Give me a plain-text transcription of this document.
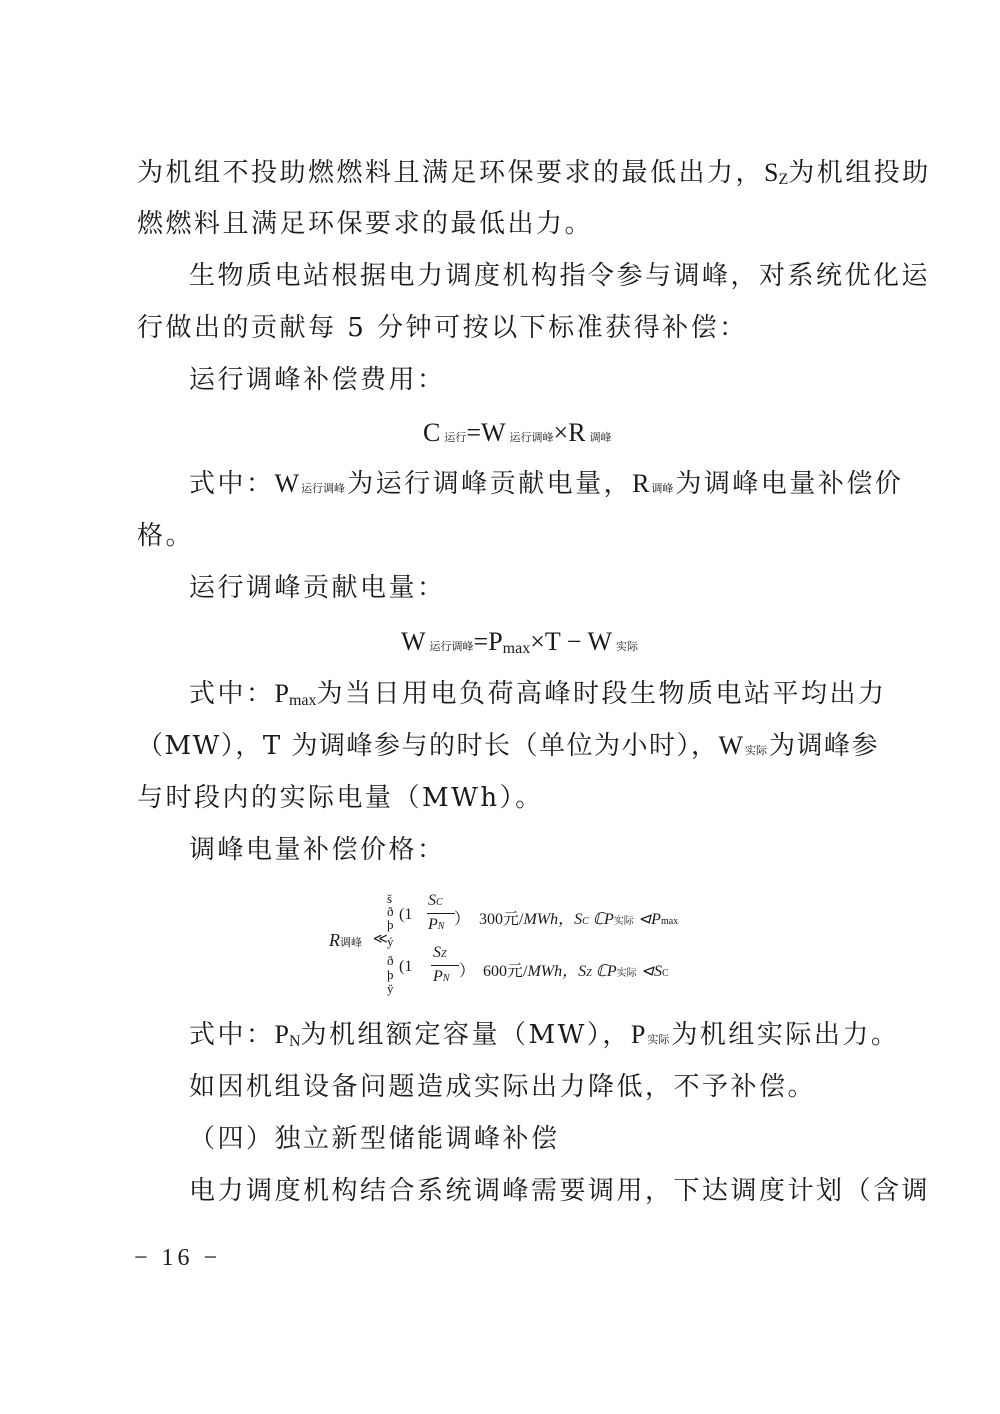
为机组不投助燃燃料且满足环保要求的最低出力，SZ为机组投助
燃燃料且满足环保要求的最低出力。
生物质电站根据电力调度机构指令参与调峰，对系统优化运
行做出的贡献每 5 分钟可按以下标准获得补偿：
运行调峰补偿费用：
C运行=W 运行调峰×R 调峰
式中：W 运行调峰为运行调峰贡献电量，R 调峰为调峰电量补偿价
格。
运行调峰贡献电量：
W运行调峰=Pmax×T − W 实际
式中：Pmax为当日用电负荷高峰时段生物质电站平均出力
（MW），T 为调峰参与的时长（单位为小时），W 实际为调峰参
与时段内的实际电量（MWh）。
调峰电量补偿价格：
R调峰
š
ð
þ
≪ ý
ð
þ
ÿ
(1
SC
PN ） 300元/MWh，SC ℂP实际 ⊲Pmax
(1
SZ
PN ） 600元/MWh，SZ ℂP实际 ⊲SC
式中：PN为机组额定容量（MW），P 实际为机组实际出力。
如因机组设备问题造成实际出力降低，不予补偿。
（四）独立新型储能调峰补偿
电力调度机构结合系统调峰需要调用，下达调度计划（含调
− 16 −
